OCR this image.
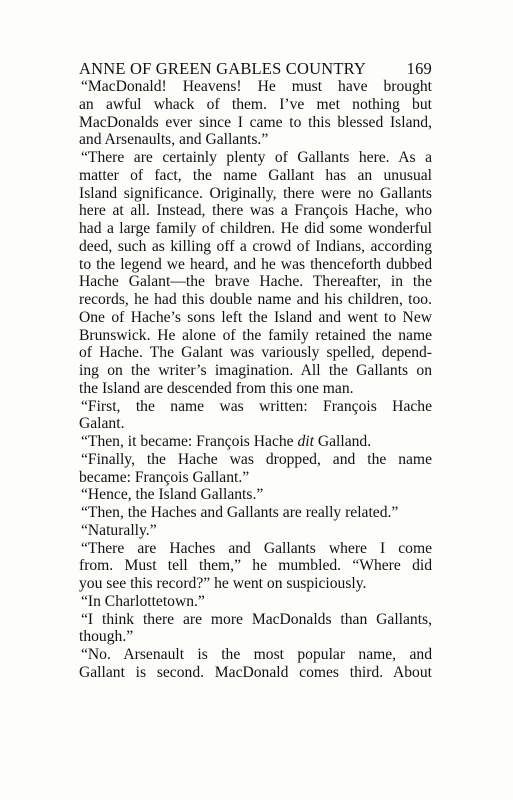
ANNE OF GREEN GABLES COUNTRY 169
“MacDonald! Heavens! He must have brought
an awful whack of them. I’ve met nothing but
MacDonalds ever since I came to this blessed Island,
and Arsenaults, and Gallants.”
“There are certainly plenty of Gallants here. As a
matter of fact, the name Gallant has an unusual
Island significance. Originally, there were no Gallants
here at all. Instead, there was a François Hache, who
had a large family of children. He did some wonderful
deed, such as killing off a crowd of Indians, according
to the legend we heard, and he was thenceforth dubbed
Hache Galant—the brave Hache. Thereafter, in the
records, he had this double name and his children, too.
One of Hache’s sons left the Island and went to New
Brunswick. He alone of the family retained the name
of Hache. The Galant was variously spelled, depend-
ing on the writer’s imagination. All the Gallants on
the Island are descended from this one man.
“First, the name was written: François Hache
Galant.
“Then, it became: François Hache dit Galland.
“Finally, the Hache was dropped, and the name
became: François Gallant.”
“Hence, the Island Gallants.”
“Then, the Haches and Gallants are really related.”
“Naturally.”
“There are Haches and Gallants where I come
from. Must tell them,” he mumbled. “Where did
you see this record?” he went on suspiciously.
“In Charlottetown.”
“I think there are more MacDonalds than Gallants,
though.”
“No. Arsenault is the most popular name, and
Gallant is second. MacDonald comes third. About
